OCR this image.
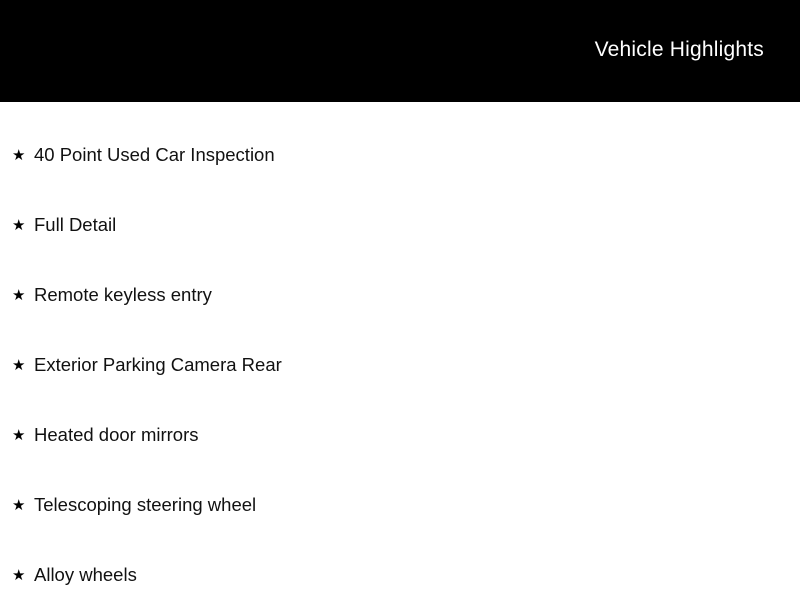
Vehicle Highlights
★ 40 Point Used Car Inspection
★ Full Detail
★ Remote keyless entry
★ Exterior Parking Camera Rear
★ Heated door mirrors
★ Telescoping steering wheel
★ Alloy wheels
